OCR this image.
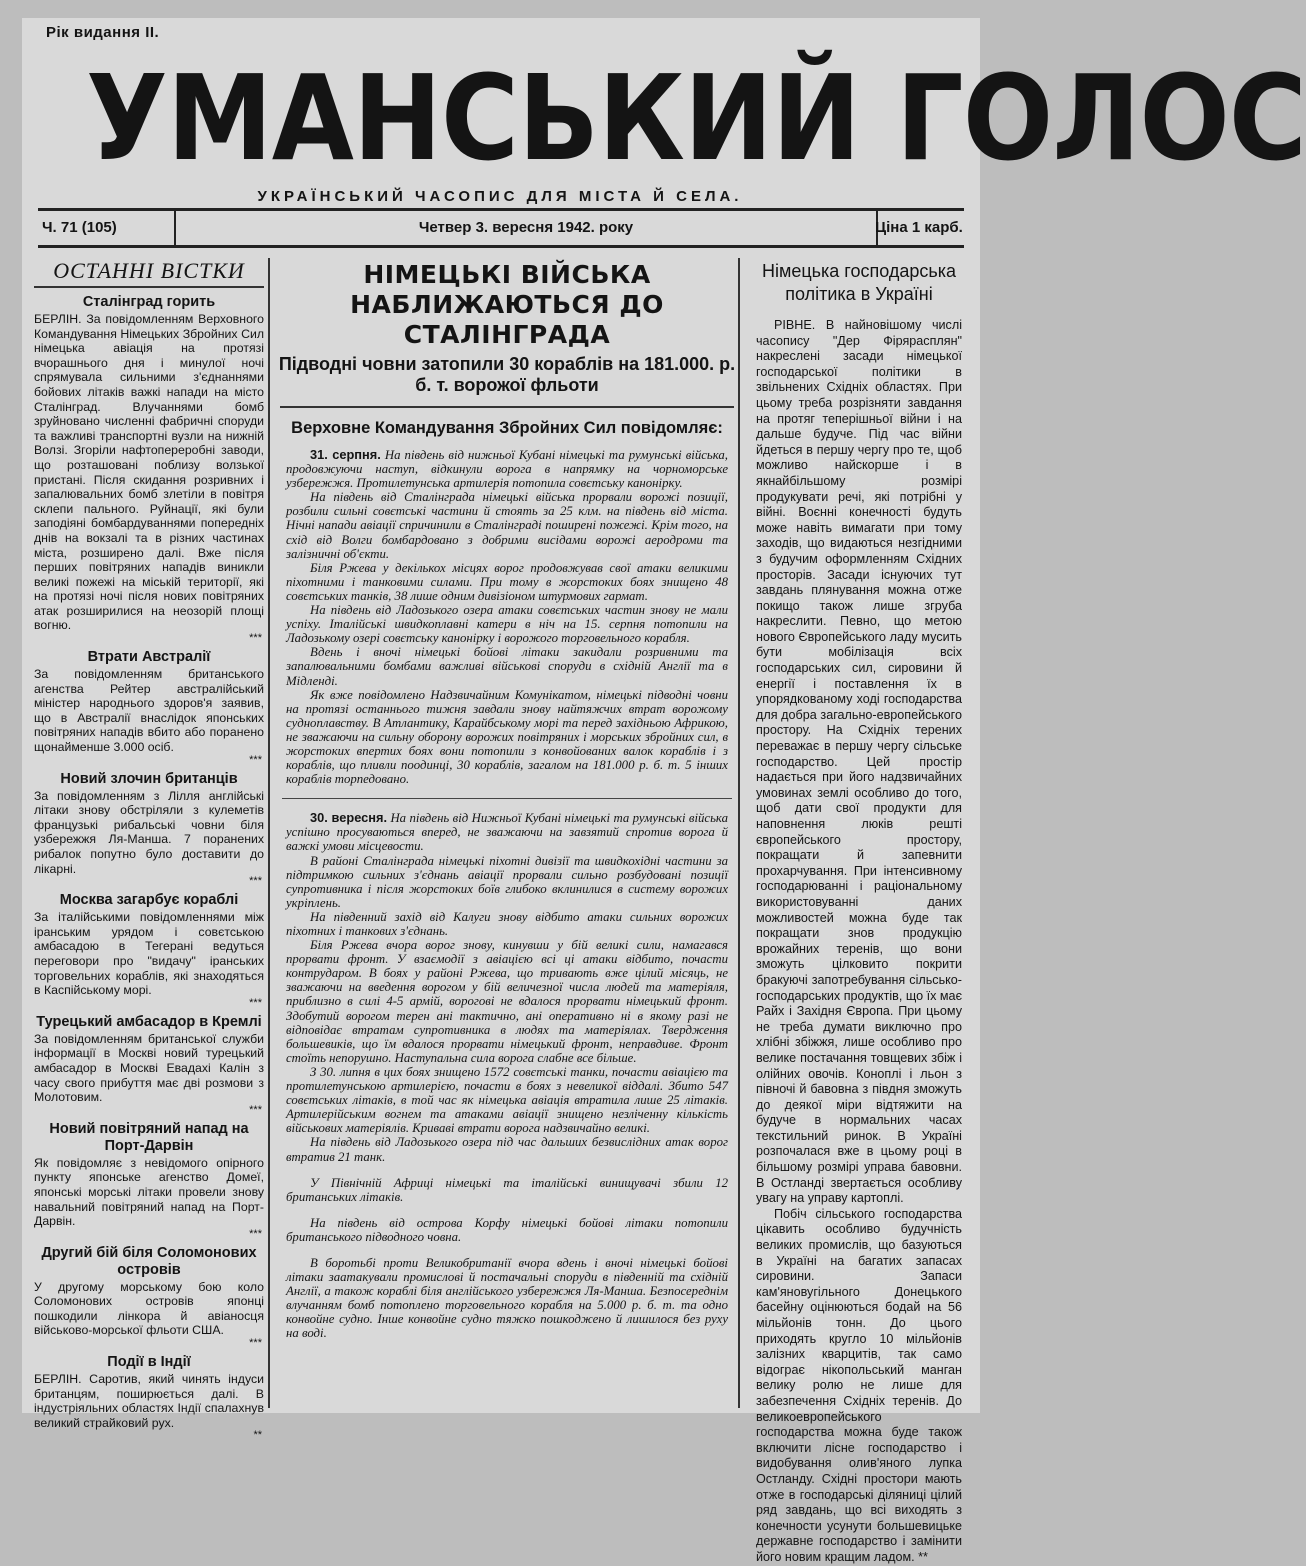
Рік видання II.
УМАНСЬКИЙ ГОЛОС
УКРАЇНСЬКИЙ ЧАСОПИС ДЛЯ МІСТА Й СЕЛА.
Ч. 71 (105)	Четвер 3. вересня 1942. року	Ціна 1 карб.
ОСТАННІ ВІСТКИ
Сталінград горить
БЕРЛІН. За повідомленням Верховного Командування Німецьких Збройних Сил німецька авіація на протязі вчорашнього дня і минулої ночі спрямувала сильними з'єднаннями бойових літаків важкі напади на місто Сталінград. Влучаннями бомб зруйновано численні фабричні споруди та важливі транспортні вузли на нижній Волзі. Згоріли нафтопереробні заводи, що розташовані поблизу волзької пристані. Після скидання розривних і запалювальних бомб злетіли в повітря склепи пального. Руйнації, які були заподіяні бомбардуваннями попередніх днів на вокзалі та в різних частинах міста, розширено далі. Вже після перших повітряних нападів виникли великі пожежі на міській території, які на протязі ночі після нових повітряних атак розширилися на неозорій площі вогню.
***
Втрати Австралії
За повідомленням британського агенства Рейтер австралійський міністер народнього здоров'я заявив, що в Австралії внаслідок японських повітряних нападів вбито або поранено щонайменше 3.000 осіб.
***
Новий злочин британців
За повідомленням з Лілля англійські літаки знову обстріляли з кулеметів французькі рибальські човни біля узбережжя Ля-Манша. 7 поранених рибалок попутно було доставити до лікарні.
***
Москва загарбує кораблі
За італійськими повідомленнями між іранським урядом і совєтською амбасадою в Тегерані ведуться переговори про "видачу" іранських торговельних кораблів, які знаходяться в Каспійському морі.
***
Турецький амбасадор в Кремлі
За повідомленням британської служби інформації в Москві новий турецький амбасадор в Москві Евадахі Калін з часу свого прибуття має дві розмови з Молотовим.
***
Новий повітряний напад на Порт-Дарвін
Як повідомляє з невідомого опірного пункту японське агенство Домеї, японські морські літаки провели знову навальний повітряний напад на Порт-Дарвін.
***
Другий бій біля Соломонових островів
У другому морському бою коло Соломонових островів японці пошкодили лінкора й авіаносця військово-морської фльоти США.
***
Події в Індії
БЕРЛІН. Саротив, який чинять індуси британцям, поширюється далі. В індустріяльних областях Індії спалахнув великий страйковий рух.
**
НІМЕЦЬКІ ВІЙСЬКА НАБЛИЖАЮТЬСЯ ДО СТАЛІНГРАДА
Підводні човни затопили 30 кораблів на 181.000. р. б. т. ворожої фльоти
Верховне Командування Збройних Сил повідомляє:

31. серпня. На південь від нижньої Кубані німецькі та румунські війська, продовжуючи наступ, відкинули ворога в напрямку на чорноморське узбережжя. Протилетунська артилерія потопила совєтську канонірку.

На південь від Сталінграда німецькі війська прорвали ворожі позиції, розбили сильні совєтські частини й стоять за 25 клм. на південь від міста. Нічні напади авіації спричинили в Сталінграді поширені пожежі. Крім того, на схід від Волги бомбардовано з добрими висідами ворожі аеродроми та залізничні об'єкти.

Біля Ржева у декількох місцях ворог продовжував свої атаки великими піхотними і танковими силами. При тому в жорстоких боях знищено 48 совєтських танків, 38 лише одним дивізіоном штурмових гармат.

На південь від Ладозького озера атаки совєтських частин знову не мали успіху. Італійські швидкоплавні катери в ніч на 15. серпня потопили на Ладозькому озері совєтську канонірку і ворожого торговельного корабля.

Вдень і вночі німецькі бойові літаки закидали розривними та запалювальними бомбами важливі військові споруди в східній Англії та в Мідленді.

Як вже повідомлено Надзвичайним Комунікатом, німецькі підводні човни на протязі останнього тижня завдали знову найтяжчих втрат ворожому судноплавству. В Атлантику, Карайбському морі та перед західньою Африкою, не зважаючи на сильну оборону ворожих повітряних і морських збройних сил, в жорстоких впертих боях вони потопили з конвойованих валок кораблів і з кораблів, що пливли поодинці, 30 кораблів, загалом на 181.000 р. б. т. 5 інших кораблів торпедовано.

30. вересня. На південь від Нижньої Кубані німецькі та румунські війська успішно просуваються вперед, не зважаючи на завзятий спротив ворога й важкі умови місцевости.

В районі Сталінграда німецькі піхотні дивізії та швидкохідні частини за підтримкою сильних з'єднань авіації прорвали сильно розбудовані позиції супротивника і після жорстоких боїв глибоко вклинилися в систему ворожих укріплень.

На південний захід від Калуги знову відбито атаки сильних ворожих піхотних і танкових з'єднань.

Біля Ржева вчора ворог знову, кинувши у бій великі сили, намагався прорвати фронт. У взаємодії з авіацією всі ці атаки відбито, почасти контрударом. В боях у районі Ржева, що тривають вже цілий місяць, не зважаючи на введення ворогом у бій величезної числа людей та матеріяля, приблизно в силі 4-5 армій, ворогові не вдалося прорвати німецький фронт. Здобутий ворогом терен ані тактично, ані оперативно ні в якому разі не відповідає втратам супротивника в людях та матеріялах. Твердження большевиків, що їм вдалося прорвати німецький фронт, неправдиве. Фронт стоїть непорушно. Наступальна сила ворога слабне все більше.

З 30. липня в цих боях знищено 1572 совєтські танки, почасти авіацією та протилетунською артилерією, почасти в боях з невеликої віддалі. Збито 547 совєтських літаків, в той час як німецька авіація втратила лише 25 літаків. Артилерійським вогнем та атаками авіації знищено незліченну кількість військових матеріялів. Криваві втрати ворога надзвичайно великі.

На південь від Ладозького озера під час дальших безвислідних атак ворог втратив 21 танк.

У Північній Африці німецькі та італійські винищувачі збили 12 британських літаків.

На південь від острова Корфу німецькі бойові літаки потопили британського підводного човна.

В боротьбі проти Великобританії вчора вдень і вночі німецькі бойові літаки заатакували промислові й постачальні споруди в південній та східній Англії, а також кораблі біля англійського узбережжя Ля-Манша. Безпосереднім влучанням бомб потоплено торговельного корабля на 5.000 р. б. т. та одно конвойне судно. Інше конвойне судно тяжко пошкоджено й лишилося без руху на воді.

Німецька господарська політика в Україні

РІВНЕ. В найновішому числі часопису "Дер Фірярасплян" накреслені засади німецької господарської політики в звільнених Східніх областях. При цьому треба розрізняти завдання на протяг теперішньої війни і на дальше будуче. Під час війни йдеться в першу чергу про те, щоб можливо найскорше і в якнайбільшому розмірі продукувати речі, які потрібні у війні. Воєнні конечності будуть може навіть вимагати при тому заходів, що видаються незгідними з будучим оформленням Східних просторів. Засади існуючих тут завдань плянування можна отже покищо також лише згруба накреслити. Певно, що метою нового Європейського ладу мусить бути мобілізація всіх господарських сил, сировини й енергії і поставлення їх в упорядкованому ході господарства для добра загально-европейського простору. На Східніх терених переважає в першу чергу сільське господарство. Цей простір надається при його надзвичайних умовинах землі особливо до того, щоб дати свої продукти для наповнення люків решті європейського простору, покращати й запевнити прохарчування. При інтенсивному господарюванні і раціональному використовуванні даних можливостей можна буде так покращати знов продукцію врожайних теренів, що вони зможуть цілковито покрити бракуючі запотребування сільсько-господарських продуктів, що їх має Райх і Західня Європа. При цьому не треба думати виключно про хлібні збіжжя, лише особливо про велике постачання товщевих збіж і олійних овочів. Коноплі і льон з півночі й бавовна з півдня зможуть до деякої міри відтяжити на будуче в нормальних часах текстильний ринок. В Україні розпочалася вже в цьому році в більшому розмірі управа бавовни. В Остланді звертається особливу увагу на управу картоплі.

Побіч сільського господарства цікавить особливо будучність великих промислів, що базуються в Україні на багатих запасах сировини. Запаси кам'яновугільного Донецького басейну оцінюються бодай на 56 мільйонів тонн. До цього приходять кругло 10 мільйонів залізних кварцитів, так само відограє нікопольський манган велику ролю не лише для забезпечення Східніх теренів. До великоевропейського господарства можна буде також включити лісне господарство і видобування олив'яного лупка Остланду. Східні простори мають отже в господарські діляниці цілий ряд завдань, що всі виходять з конечности усунути большевицьке державне господарство і замінити його новим кращим ладом. **
